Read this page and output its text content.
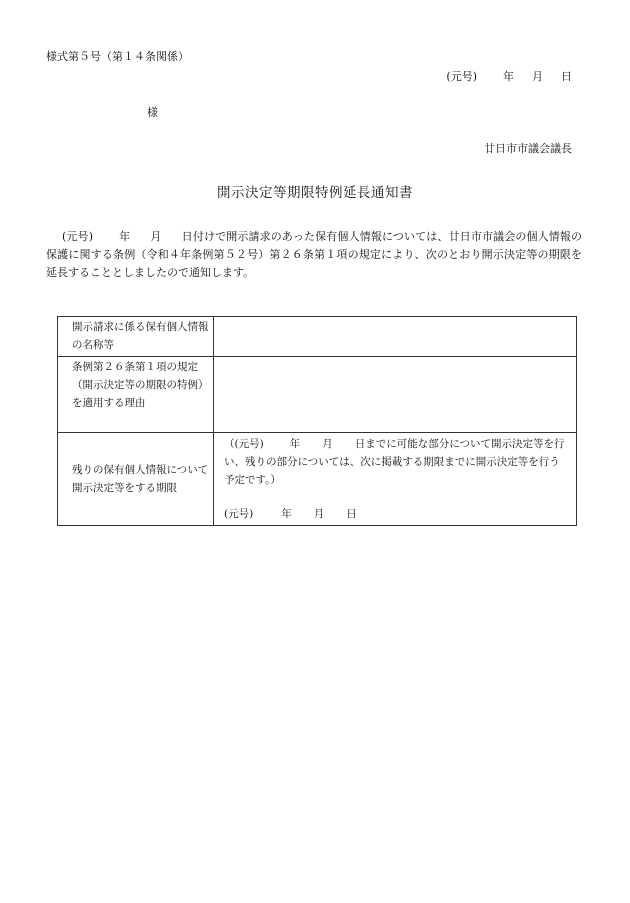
様式第５号（第１４条関係）
(元号) 年 月 日
様
廿日市市議会議長
開示決定等期限特例延長通知書
(元号) 年 月 日付けで開示請求のあった保有個人情報については、廿日市市議会の個人情報の保護に関する条例（令和４年条例第５２号）第２６条第１項の規定により、次のとおり開示決定等の期限を延長することとしましたので通知します。
開示請求に係る保有個人情報の名称等	
条例第２６条第１項の規定（開示決定等の期限の特例）を適用する理由	
残りの保有個人情報について開示決定等をする期限	（(元号) 年 月 日までに可能な部分について開示決定等を行い、残りの部分については、次に掲載する期限までに開示決定等を行う予定です。）
(元号) 年 月 日
